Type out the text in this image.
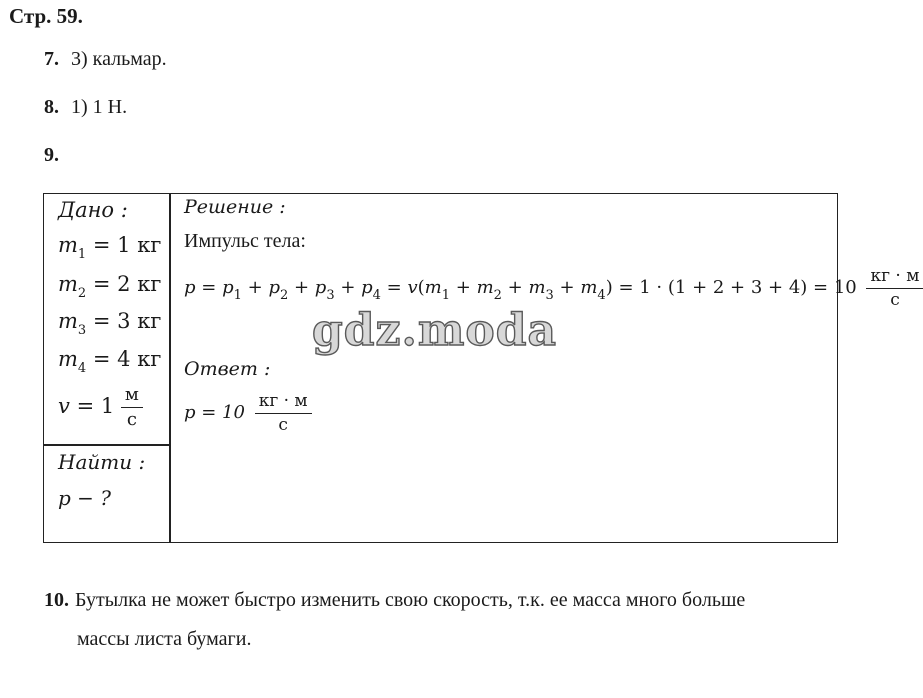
Стр. 59.
7. 3) кальмар.
8. 1) 1 Н.
9.
Дано :
$m_1 = 1$ кг
$m_2 = 2$ кг
$m_3 = 3$ кг
$m_4 = 4$ кг
$v = 1 \frac{м}{с}$
Найти :
p − ?
Решение :
Импульс тела:
$p = p_1 + p_2 + p_3 + p_4 = v(m_1 + m_2 + m_3 + m_4) = 1 \cdot (1 + 2 + 3 + 4) = 10 \frac{кг \cdot м}{с}$
Ответ :
$p = 10 \frac{кг \cdot м}{с}$
gdz.moda
10. Бутылка не может быстро изменить свою скорость, т.к. ее масса много больше
массы листа бумаги.
